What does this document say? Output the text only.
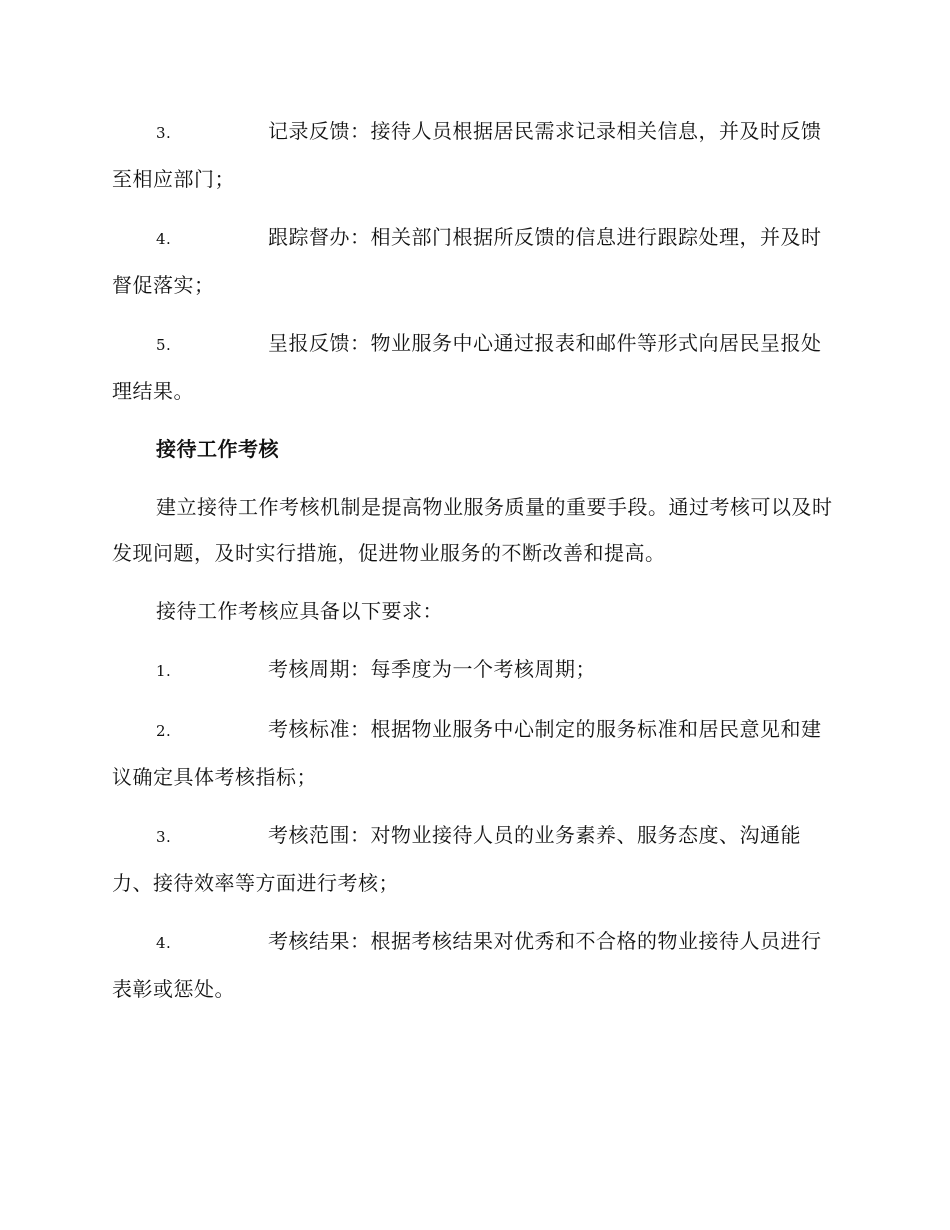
3.	记录反馈：接待人员根据居民需求记录相关信息，并及时反馈至相应部门；
4.	跟踪督办：相关部门根据所反馈的信息进行跟踪处理，并及时督促落实；
5.	呈报反馈：物业服务中心通过报表和邮件等形式向居民呈报处理结果。
接待工作考核

建立接待工作考核机制是提高物业服务质量的重要手段。通过考核可以及时发现问题，及时实行措施，促进物业服务的不断改善和提高。

接待工作考核应具备以下要求：

1.	考核周期：每季度为一个考核周期；
2.	考核标准：根据物业服务中心制定的服务标准和居民意见和建议确定具体考核指标；
3.	考核范围：对物业接待人员的业务素养、服务态度、沟通能力、接待效率等方面进行考核；
4.	考核结果：根据考核结果对优秀和不合格的物业接待人员进行表彰或惩处。
